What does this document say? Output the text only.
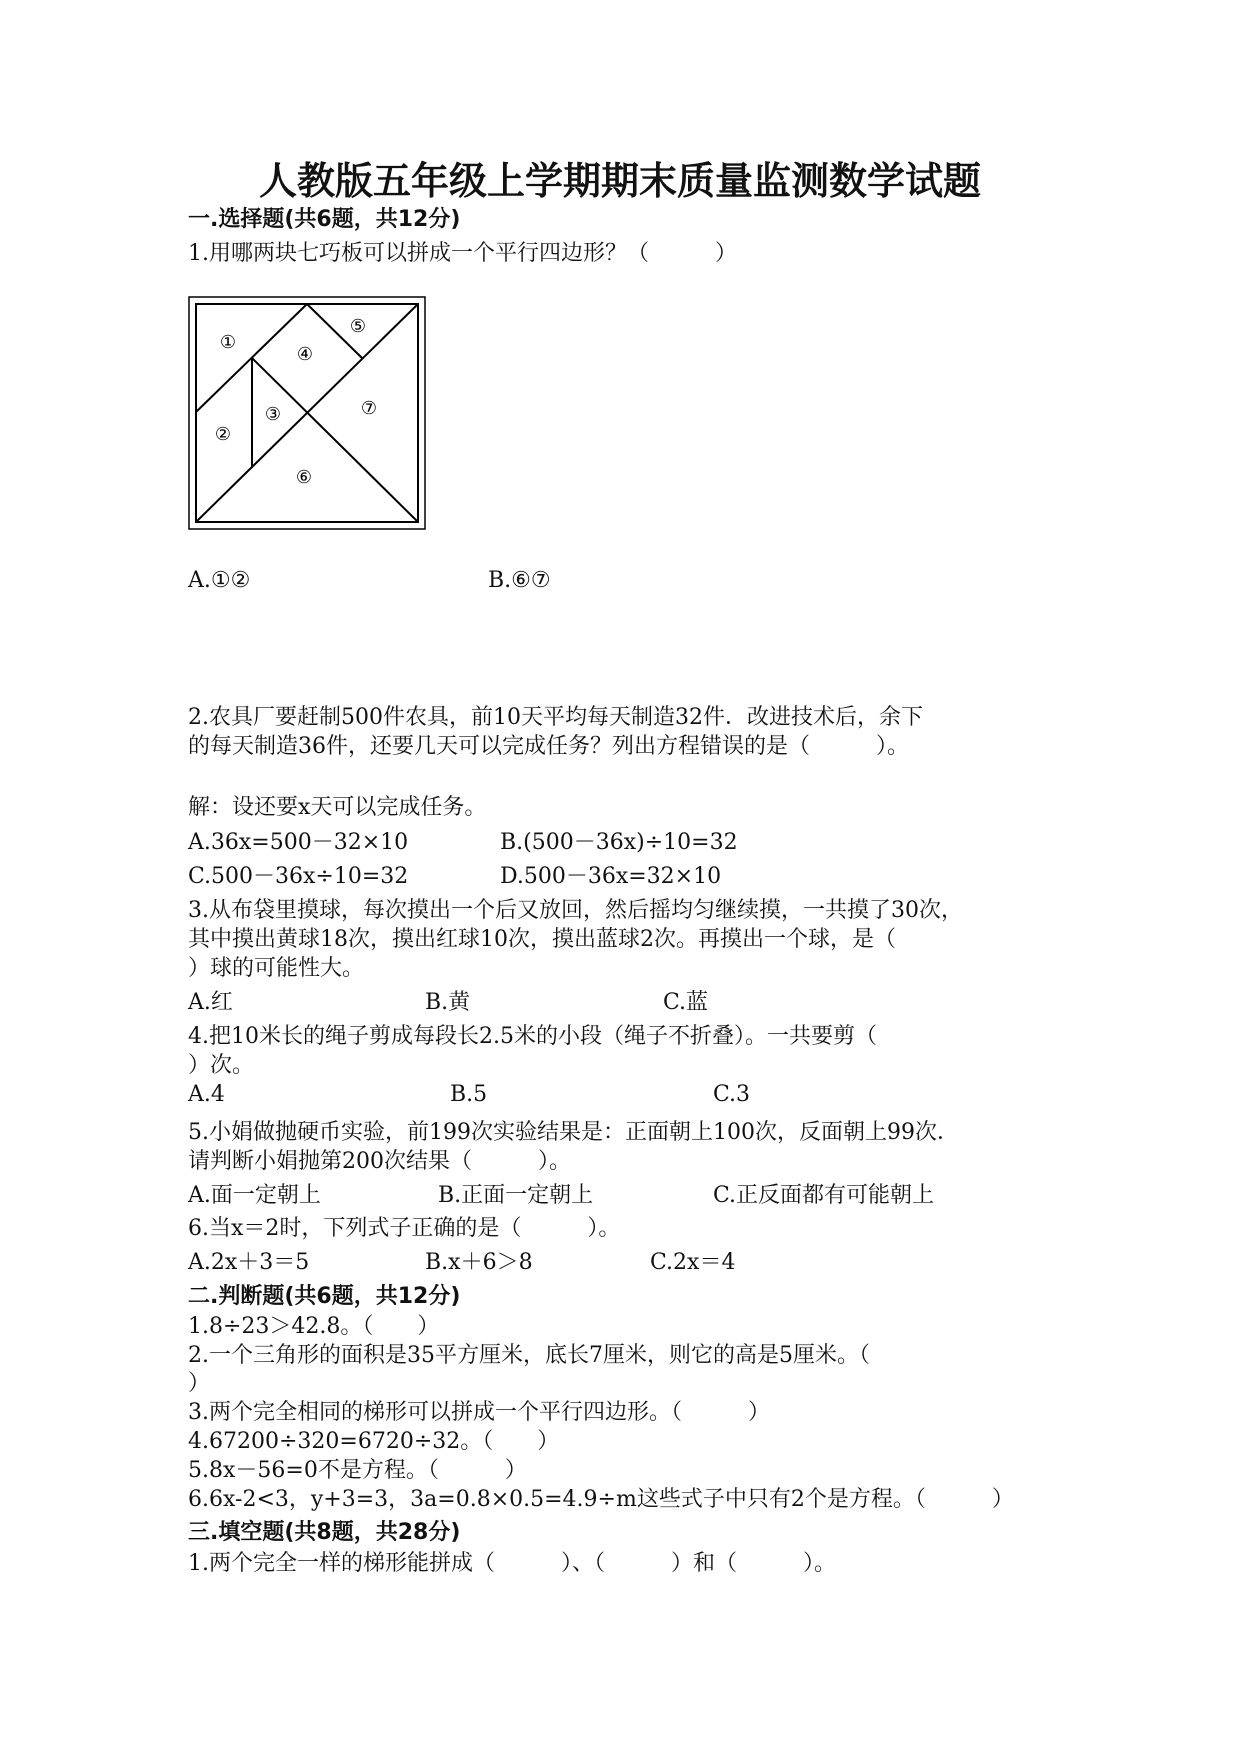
人教版五年级上学期期末质量监测数学试题
一.选择题(共6题，共12分)
1.用哪两块七巧板可以拼成一个平行四边形？（　　　）
①
②
③
④
⑤
⑥
⑦
A.①②	B.⑥⑦
2.农具厂要赶制500件农具，前10天平均每天制造32件．改进技术后，余下
的每天制造36件，还要几天可以完成任务？列出方程错误的是（　　　）。
解：设还要x天可以完成任务。
A.36x=500－32×10	B.(500－36x)÷10=32
C.500－36x÷10=32	D.500－36x=32×10
3.从布袋里摸球，每次摸出一个后又放回，然后摇均匀继续摸，一共摸了30次，
其中摸出黄球18次，摸出红球10次，摸出蓝球2次。再摸出一个球，是（
）球的可能性大。
A.红	B.黄	C.蓝
4.把10米长的绳子剪成每段长2.5米的小段（绳子不折叠）。一共要剪（
）次。
A.4	B.5	C.3
5.小娟做抛硬币实验，前199次实验结果是：正面朝上100次，反面朝上99次．
请判断小娟抛第200次结果（　　　）。
A.面一定朝上	B.正面一定朝上	C.正反面都有可能朝上
6.当x＝2时，下列式子正确的是（　　　）。
A.2x＋3＝5	B.x＋6＞8	C.2x＝4
二.判断题(共6题，共12分)
1.8÷23＞42.8。（　　）
2.一个三角形的面积是35平方厘米，底长7厘米，则它的高是5厘米。（
）
3.两个完全相同的梯形可以拼成一个平行四边形。（　　　）
4.67200÷320=6720÷32。（　　）
5.8x－56=0不是方程。（　　　）
6.6x-2<3，y+3=3，3a=0.8×0.5=4.9÷m这些式子中只有2个是方程。（　　　）
三.填空题(共8题，共28分)
1.两个完全一样的梯形能拼成（　　　）、（　　　）和（　　　）。
